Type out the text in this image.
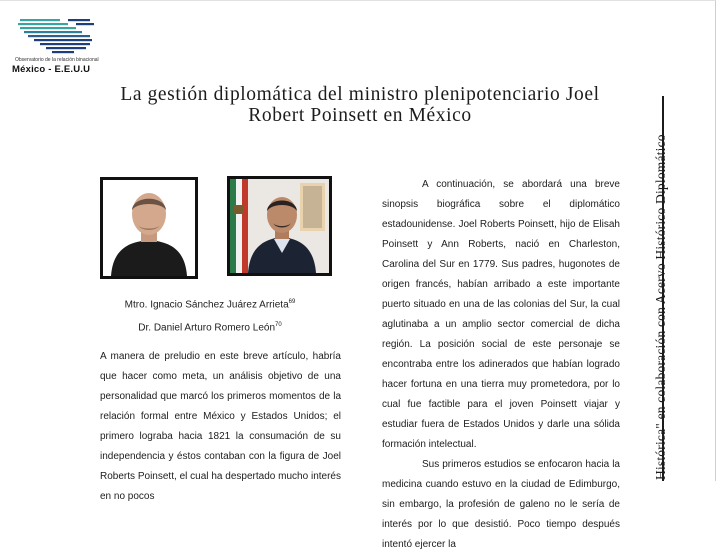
Observatorio de la relación binacional
México - E.E.U.U
La gestión diplomática del ministro plenipotenciario Joel
Robert Poinsett en México
Histórica" en colaboración con Acervo Histórico Diplomático
Mtro. Ignacio Sánchez Juárez Arrieta$^{69}$
Dr. Daniel Arturo Romero León$^{70}$

A manera de preludio en este breve artículo, habría que hacer como meta, un análisis objetivo de una personalidad que marcó los primeros momentos de la relación formal entre México y Estados Unidos; el primero lograba hacia 1821 la consumación de su independencia y éstos contaban con la figura de Joel Roberts Poinsett, el cual ha despertado mucho interés en no pocos

A continuación, se abordará una breve sinopsis biográfica sobre el diplomático estadounidense. Joel Roberts Poinsett, hijo de Elisah Poinsett y Ann Roberts, nació en Charleston, Carolina del Sur en 1779. Sus padres, hugonotes de origen francés, habían arribado a este importante puerto situado en una de las colonias del Sur, la cual aglutinaba a un amplio sector comercial de dicha región. La posición social de este personaje se encontraba entre los adinerados que habían logrado hacer fortuna en una tierra muy prometedora, por lo cual fue factible para el joven Poinsett viajar y estudiar fuera de Estados Unidos y darle una sólida formación intelectual.

Sus primeros estudios se enfocaron hacia la medicina cuando estuvo en la ciudad de Edimburgo, sin embargo, la profesión de galeno no le sería de interés por lo que desistió. Poco tiempo después intentó ejercer la
